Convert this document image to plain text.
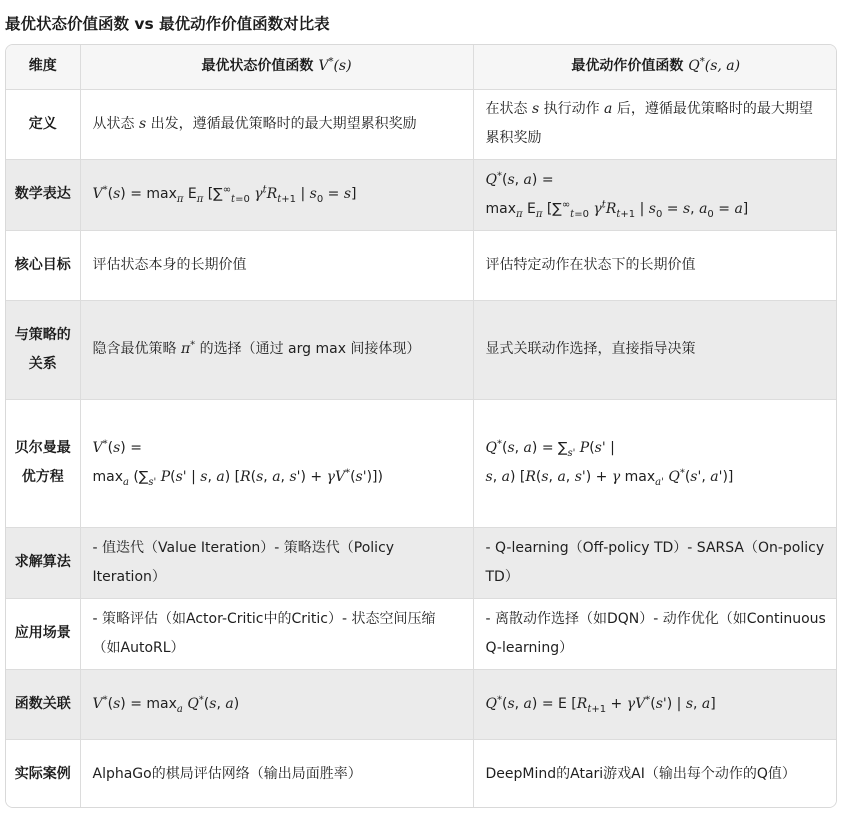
最优状态价值函数 vs 最优动作价值函数对比表
维度	最优状态价值函数 V*(s)	最优动作价值函数 Q*(s, a)
定义	从状态 s 出发，遵循最优策略时的最大期望累积奖励	在状态 s 执行动作 a 后，遵循最优策略时的最大期望累积奖励
数学表达	$V^*(s) = \max_\pi E_\pi$ [$\sum^\infty_{t=0}$ $\gamma^tR_{t+1}$ | $s_0 = s$]	Q*(s, a) =
$\max_\pi E_\pi$ [$\sum^\infty_{t=0}$ $\gamma^tR_{t+1}$ | $s_0 = s$, $a_0 = a$]
核心目标	评估状态本身的长期价值	评估特定动作在状态下的长期价值
与策略的关系	隐含最优策略 π* 的选择（通过 arg max 间接体现）	显式关联动作选择，直接指导决策
贝尔曼最优方程	V*(s) =
$\max_a (\sum_{s'}$ P(s' | s, a) [R(s, a, s') + γV*(s')])	Q*(s, $a) = \sum_{s'}$ P(s' |
s, a) [R(s, a, s') + γ $\max_{a'} Q^*(s'$, a')]
求解算法	- 值迭代（Value Iteration）- 策略迭代（Policy Iteration）	- Q-learning（Off-policy TD）- SARSA（On-policy TD）
应用场景	- 策略评估（如Actor-Critic中的Critic）- 状态空间压缩（如AutoRL）	- 离散动作选择（如DQN）- 动作优化（如Continuous Q-learning）
函数关联	$V^*(s) = \max_a Q^*(s$, a)	Q*(s, a) = E [$R_{t+1} + \gamma V^*(s')$ | s, a]
实际案例	AlphaGo的棋局评估网络（输出局面胜率）	DeepMind的Atari游戏AI（输出每个动作的Q值）
